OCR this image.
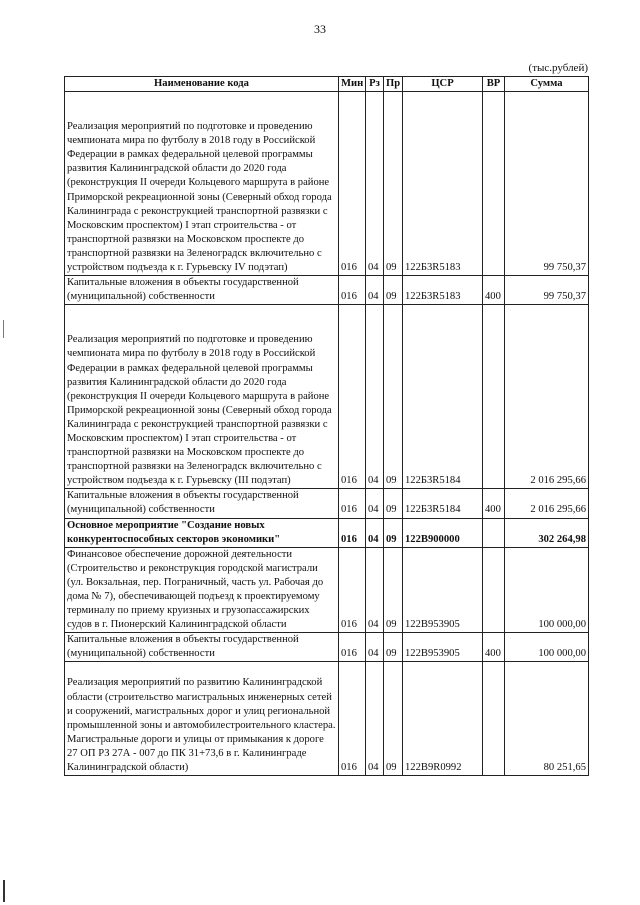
33
(тыс.рублей)
Наименование кода	Мин	Рз	Пр	ЦСР	ВР	Сумма

Реализация мероприятий по подготовке и проведению чемпионата мира по футболу в 2018 году в Российской Федерации в рамках федеральной целевой программы развития Калининградской области до 2020 года (реконструкция II очереди Кольцевого маршрута в районе Приморской рекреационной зоны (Северный обход города Калининграда с реконструкцией транспортной развязки с Московским проспектом) I этап строительства - от транспортной развязки на Московском проспекте до транспортной развязки на Зеленоградск включительно с устройством подъезда к г. Гурьевску IV подэтап)	016	04	09	122Б3R5183		99 750,37
Капитальные вложения в объекты государственной (муниципальной) собственности	016	04	09	122Б3R5183	400	99 750,37

Реализация мероприятий по подготовке и проведению чемпионата мира по футболу в 2018 году в Российской Федерации в рамках федеральной целевой программы развития Калининградской области до 2020 года (реконструкция II очереди Кольцевого маршрута в районе Приморской рекреационной зоны (Северный обход города Калининграда с реконструкцией транспортной развязки с Московским проспектом) I этап строительства - от транспортной развязки на Московском проспекте до транспортной развязки на Зеленоградск включительно с устройством подъезда к г. Гурьевску (III подэтап)	016	04	09	122Б3R5184		2 016 295,66
Капитальные вложения в объекты государственной (муниципальной) собственности	016	04	09	122Б3R5184	400	2 016 295,66
Основное мероприятие "Создание новых конкурентоспособных секторов экономики"	016	04	09	122В900000		302 264,98
Финансовое обеспечение дорожной деятельности (Строительство и реконструкция городской магистрали (ул. Вокзальная, пер. Пограничный, часть ул. Рабочая до дома № 7), обеспечивающей подъезд к проектируемому терминалу по приему круизных и грузопассажирских судов в г. Пионерский Калининградской области	016	04	09	122В953905		100 000,00
Капитальные вложения в объекты государственной (муниципальной) собственности	016	04	09	122В953905	400	100 000,00

Реализация мероприятий по развитию Калининградской области (строительство магистральных инженерных сетей и сооружений, магистральных дорог и улиц региональной промышленной зоны и автомобилестроительного кластера. Магистральные дороги и улицы от примыкания к дороге 27 ОП РЗ 27А - 007 до ПК 31+73,6 в г. Калининграде Калининградской области)	016	04	09	122В9R0992		80 251,65
